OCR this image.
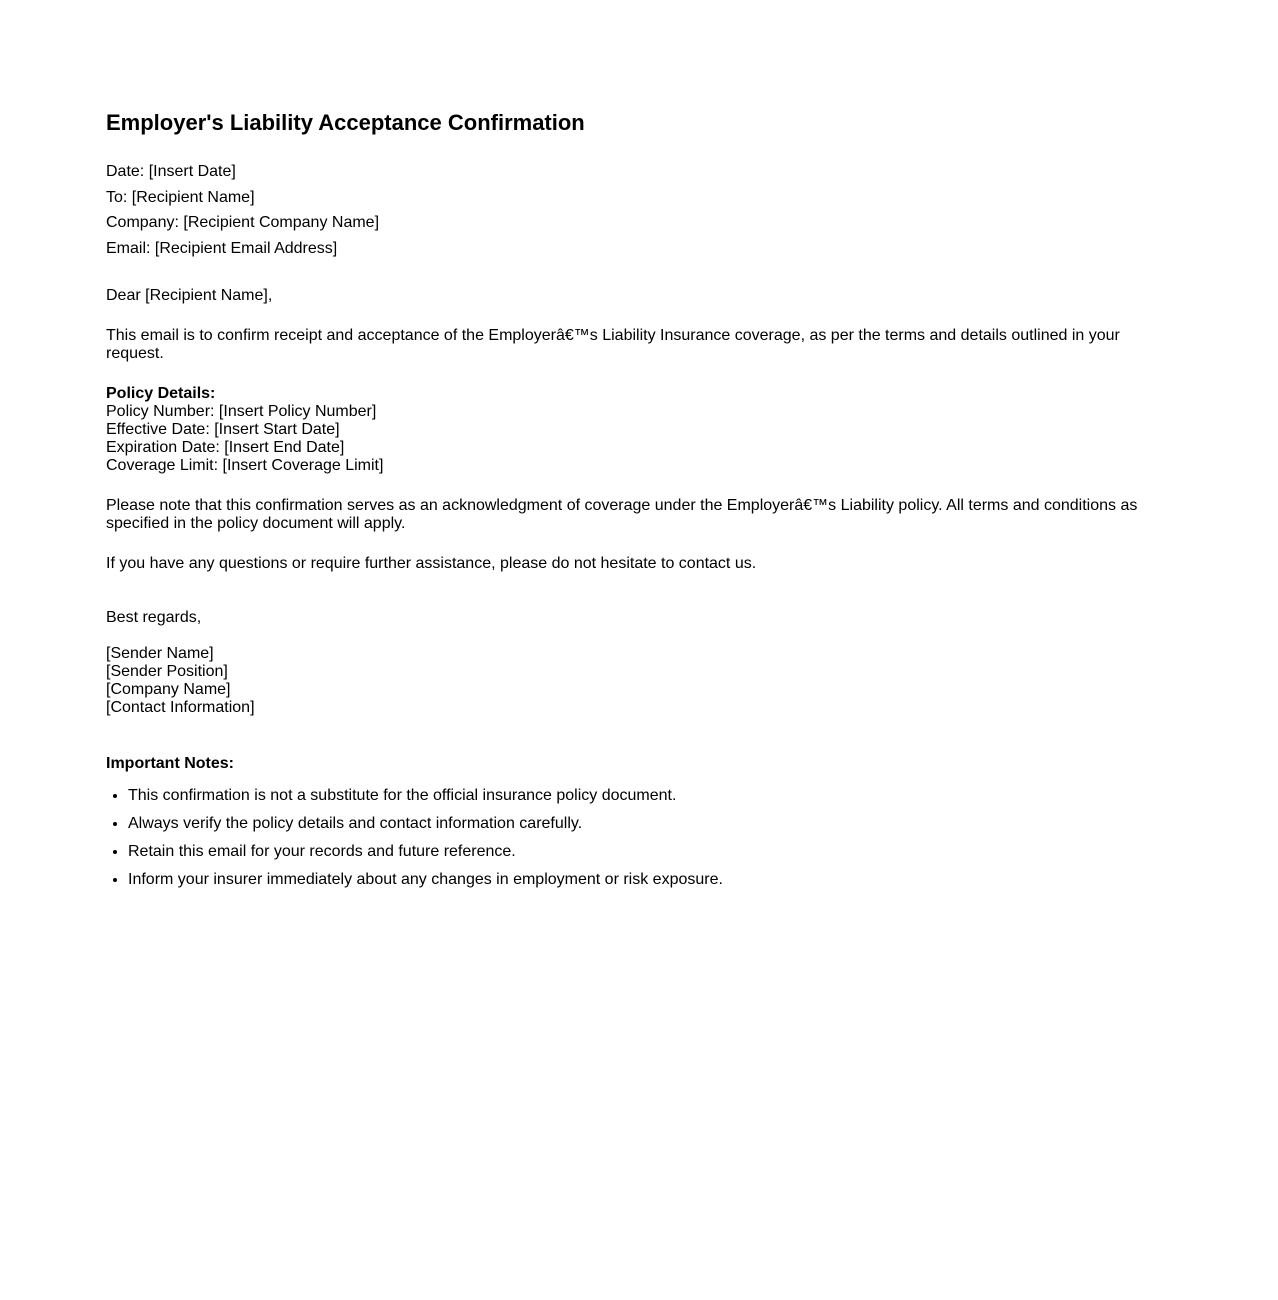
Employer's Liability Acceptance Confirmation
Date: [Insert Date]
To: [Recipient Name]
Company: [Recipient Company Name]
Email: [Recipient Email Address]
Dear [Recipient Name],
This email is to confirm receipt and acceptance of the Employerâ€™s Liability Insurance coverage, as per the terms and details outlined in your request.
Policy Details:
Policy Number: [Insert Policy Number]
Effective Date: [Insert Start Date]
Expiration Date: [Insert End Date]
Coverage Limit: [Insert Coverage Limit]
Please note that this confirmation serves as an acknowledgment of coverage under the Employerâ€™s Liability policy. All terms and conditions as specified in the policy document will apply.
If you have any questions or require further assistance, please do not hesitate to contact us.
Best regards,
[Sender Name]
[Sender Position]
[Company Name]
[Contact Information]
Important Notes:
• This confirmation is not a substitute for the official insurance policy document.
• Always verify the policy details and contact information carefully.
• Retain this email for your records and future reference.
• Inform your insurer immediately about any changes in employment or risk exposure.
